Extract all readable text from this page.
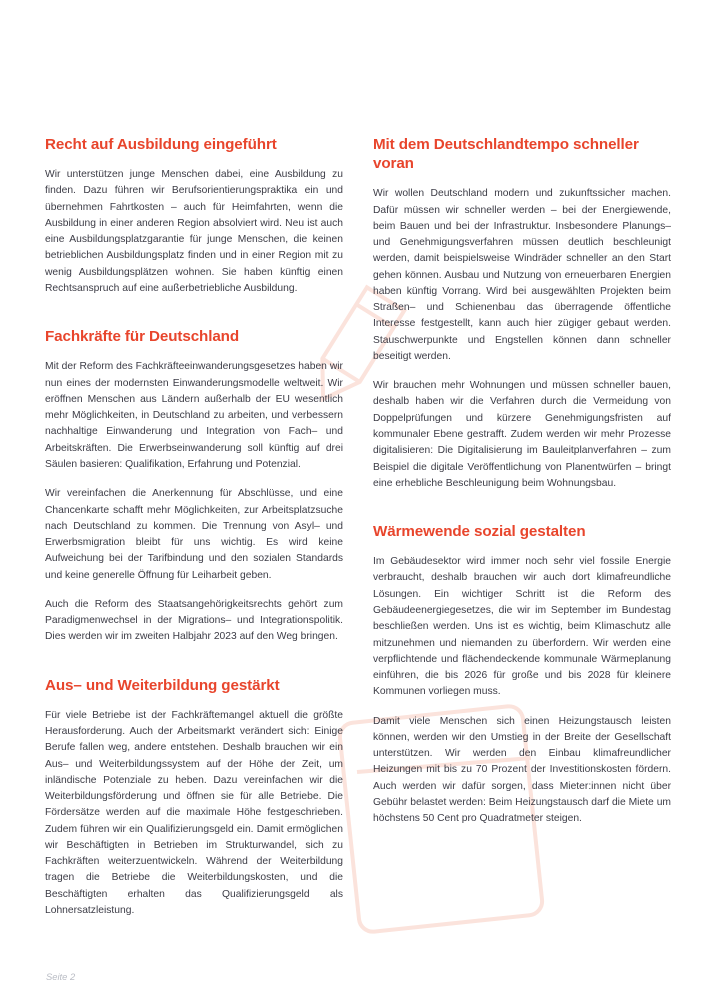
Recht auf Ausbildung eingeführt

Wir unterstützen junge Menschen dabei, eine Ausbildung zu finden. Dazu führen wir Berufsorientierungspraktika ein und übernehmen Fahrtkosten – auch für Heimfahrten, wenn die Ausbildung in einer anderen Region absolviert wird. Neu ist auch eine Ausbildungsplatzgarantie für junge Menschen, die keinen betrieblichen Ausbildungsplatz finden und in einer Region mit zu wenig Ausbildungsplätzen wohnen. Sie haben künftig einen Rechtsanspruch auf eine außerbetriebliche Ausbildung.

Fachkräfte für Deutschland

Mit der Reform des Fachkräfteeinwanderungsgesetzes haben wir nun eines der modernsten Einwanderungsmodelle weltweit. Wir eröffnen Menschen aus Ländern außerhalb der EU wesentlich mehr Möglichkeiten, in Deutschland zu arbeiten, und verbessern nachhaltige Einwanderung und Integration von Fach– und Arbeitskräften. Die Erwerbseinwanderung soll künftig auf drei Säulen basieren: Qualifikation, Erfahrung und Potenzial.

Wir vereinfachen die Anerkennung für Abschlüsse, und eine Chancenkarte schafft mehr Möglichkeiten, zur Arbeitsplatzsuche nach Deutschland zu kommen. Die Trennung von Asyl– und Erwerbsmigration bleibt für uns wichtig. Es wird keine Aufweichung bei der Tarifbindung und den sozialen Standards und keine generelle Öffnung für Leiharbeit geben.

Auch die Reform des Staatsangehörigkeitsrechts gehört zum Paradigmenwechsel in der Migrations– und Integrationspolitik. Dies werden wir im zweiten Halbjahr 2023 auf den Weg bringen.

Aus– und Weiterbildung gestärkt

Für viele Betriebe ist der Fachkräftemangel aktuell die größte Herausforderung. Auch der Arbeitsmarkt verändert sich: Einige Berufe fallen weg, andere entstehen. Deshalb brauchen wir ein Aus– und Weiterbildungssystem auf der Höhe der Zeit, um inländische Potenziale zu heben. Dazu vereinfachen wir die Weiterbildungsförderung und öffnen sie für alle Betriebe. Die Fördersätze werden auf die maximale Höhe festgeschrieben. Zudem führen wir ein Qualifizierungsgeld ein. Damit ermöglichen wir Beschäftigten in Betrieben im Strukturwandel, sich zu Fachkräften weiterzuentwickeln. Während der Weiterbildung tragen die Betriebe die Weiterbildungskosten, und die Beschäftigten erhalten das Qualifizierungsgeld als Lohnersatzleistung.

Mit dem Deutschlandtempo schneller voran

Wir wollen Deutschland modern und zukunftssicher machen. Dafür müssen wir schneller werden – bei der Energiewende, beim Bauen und bei der Infrastruktur. Insbesondere Planungs– und Genehmigungsverfahren müssen deutlich beschleunigt werden, damit beispielsweise Windräder schneller an den Start gehen können. Ausbau und Nutzung von erneuerbaren Energien haben künftig Vorrang. Wird bei ausgewählten Projekten beim Straßen– und Schienenbau das überragende öffentliche Interesse festgestellt, kann auch hier zügiger gebaut werden. Stauschwerpunkte und Engstellen können dann schneller beseitigt werden.

Wir brauchen mehr Wohnungen und müssen schneller bauen, deshalb haben wir die Verfahren durch die Vermeidung von Doppelprüfungen und kürzere Genehmigungsfristen auf kommunaler Ebene gestrafft. Zudem werden wir mehr Prozesse digitalisieren: Die Digitalisierung im Bauleitplanverfahren – zum Beispiel die digitale Veröffentlichung von Planentwürfen – bringt eine erhebliche Beschleunigung beim Wohnungsbau.

Wärmewende sozial gestalten

Im Gebäudesektor wird immer noch sehr viel fossile Energie verbraucht, deshalb brauchen wir auch dort klimafreundliche Lösungen. Ein wichtiger Schritt ist die Reform des Gebäudeenergiegesetzes, die wir im September im Bundestag beschließen werden. Uns ist es wichtig, beim Klimaschutz alle mitzunehmen und niemanden zu überfordern. Wir werden eine verpflichtende und flächendeckende kommunale Wärmeplanung einführen, die bis 2026 für große und bis 2028 für kleinere Kommunen vorliegen muss.

Damit viele Menschen sich einen Heizungstausch leisten können, werden wir den Umstieg in der Breite der Gesellschaft unterstützen. Wir werden den Einbau klimafreundlicher Heizungen mit bis zu 70 Prozent der Investitionskosten fördern. Auch werden wir dafür sorgen, dass Mieter:innen nicht über Gebühr belastet werden: Beim Heizungstausch darf die Miete um höchstens 50 Cent pro Quadratmeter steigen.

Seite 2
